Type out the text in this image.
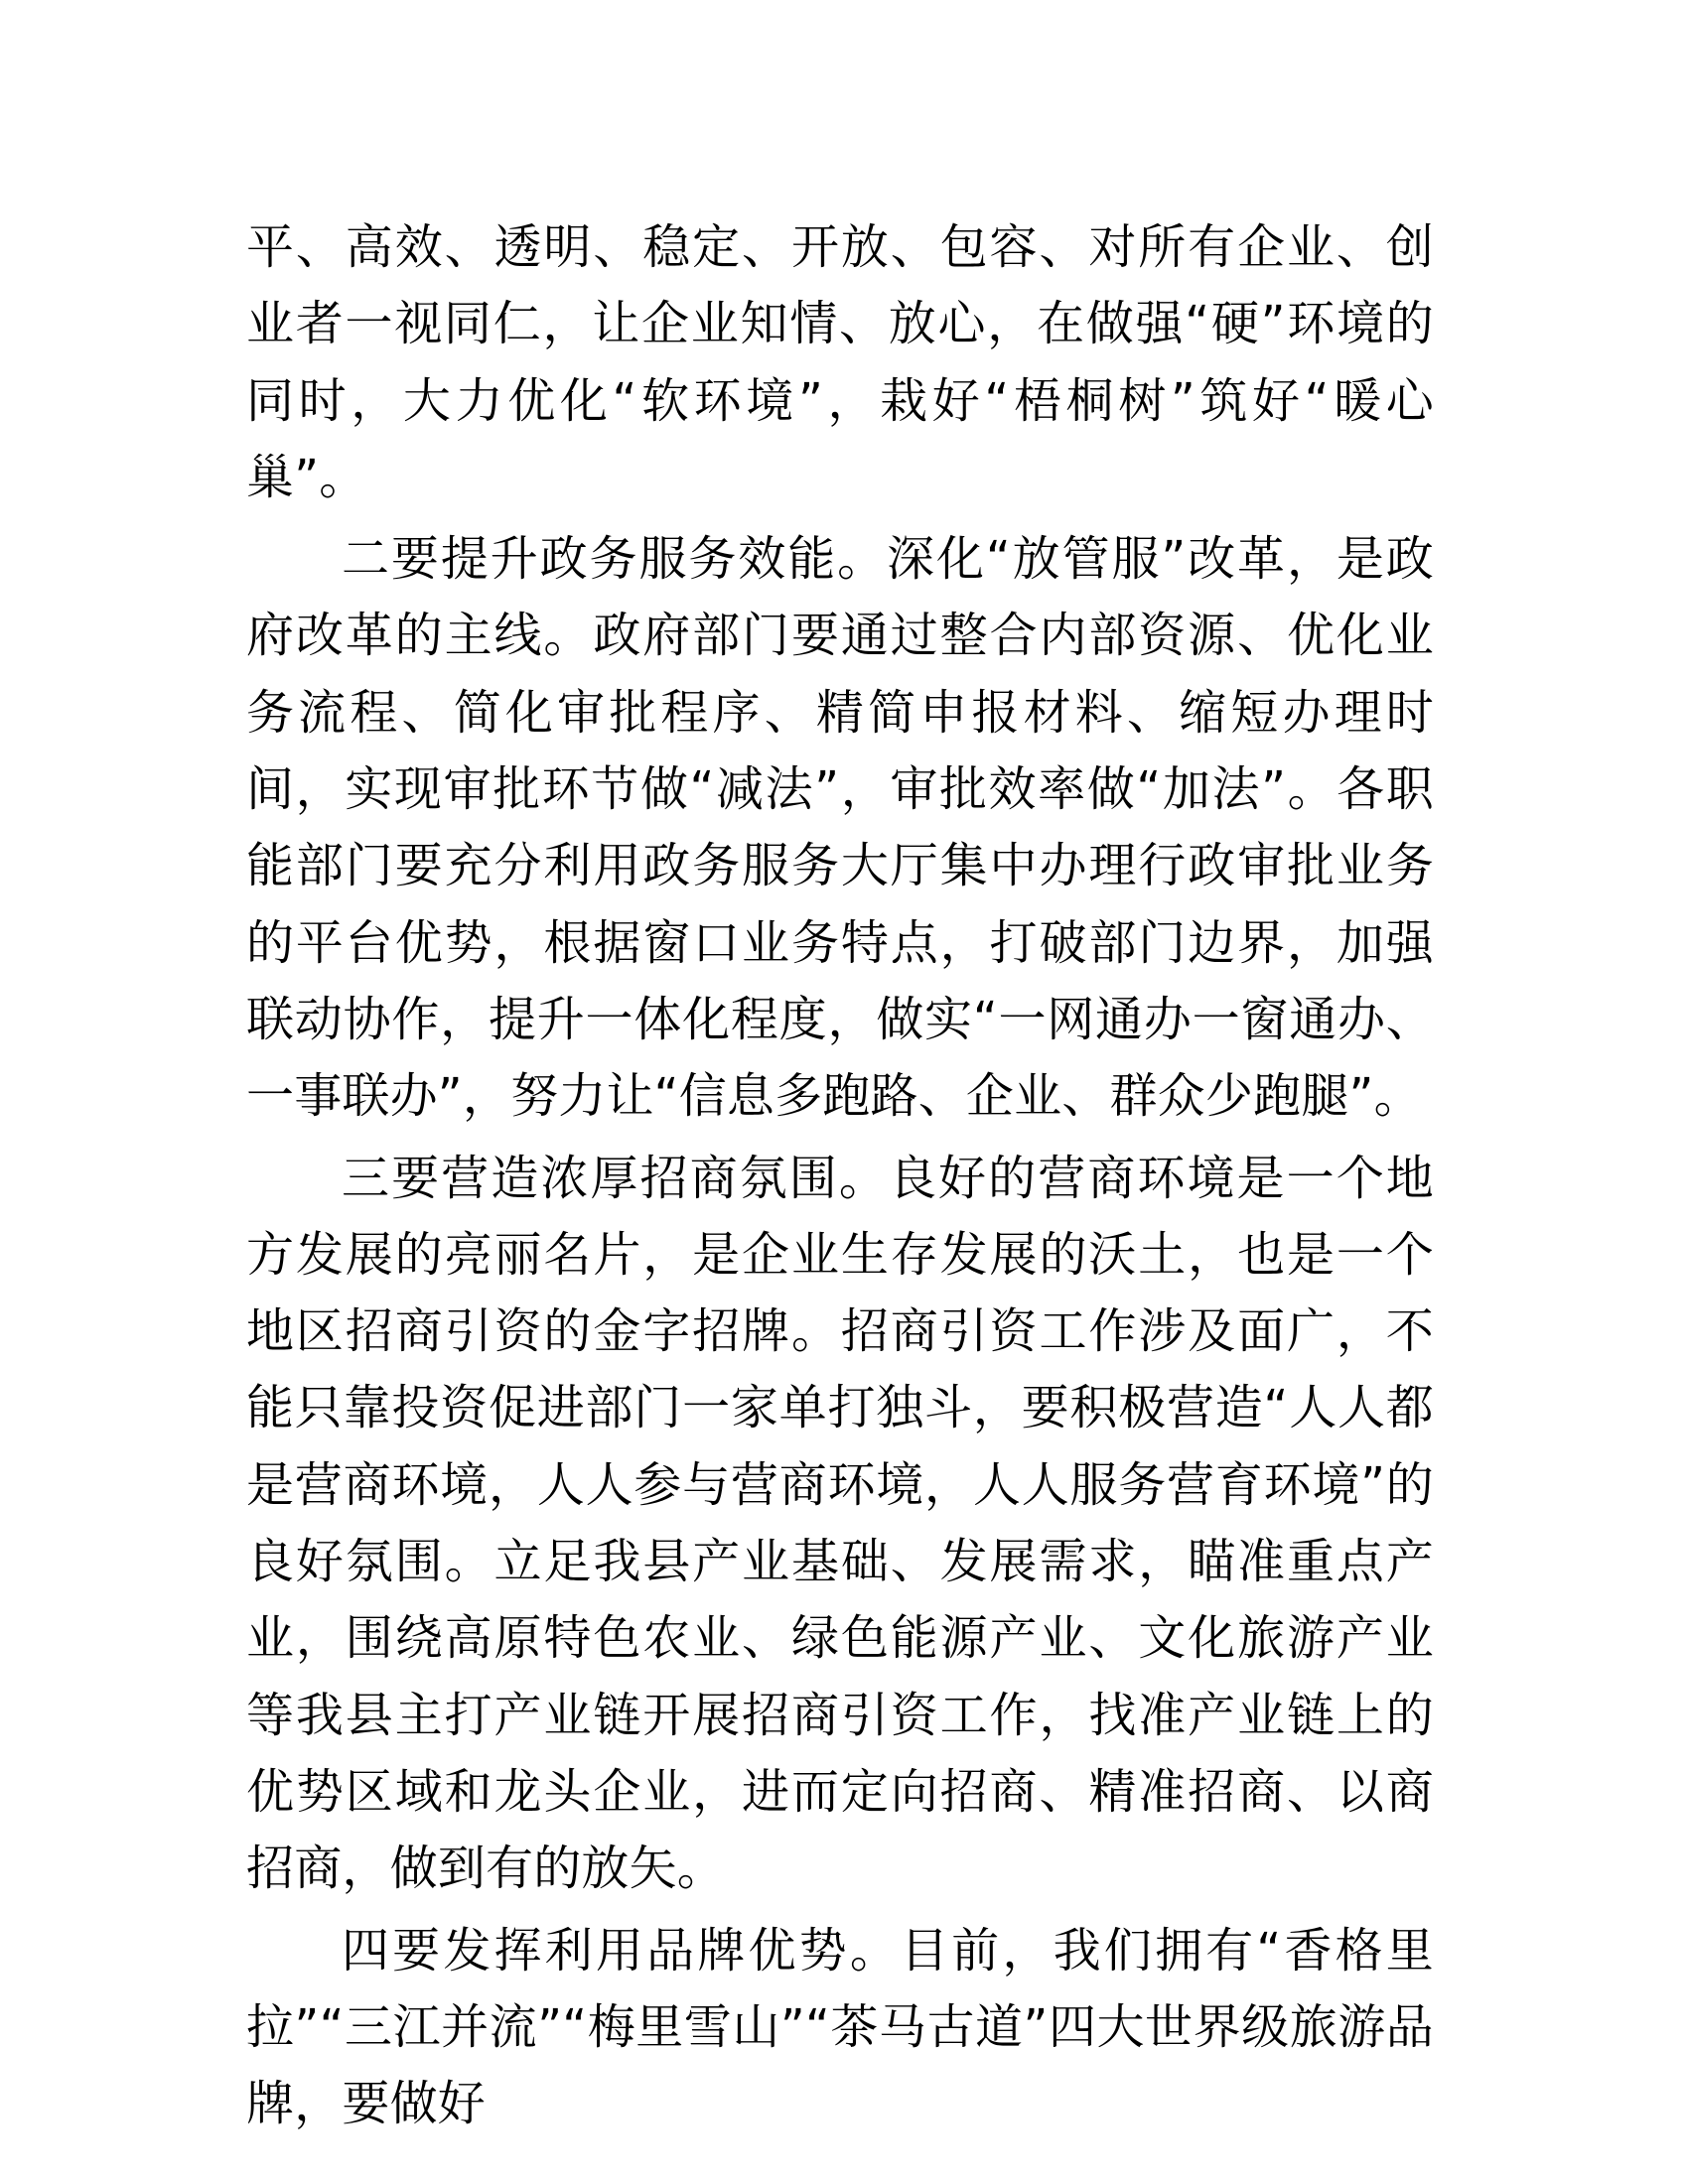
平、高效、透明、稳定、开放、包容、对所有企业、创业者一视同仁，让企业知情、放心，在做强“硬”环境的同时，大力优化“软环境”，栽好“梧桐树”筑好“暖心巢”。

二要提升政务服务效能。深化“放管服”改革，是政府改革的主线。政府部门要通过整合内部资源、优化业务流程、简化审批程序、精简申报材料、缩短办理时间，实现审批环节做“减法”，审批效率做“加法”。各职能部门要充分利用政务服务大厅集中办理行政审批业务的平台优势，根据窗口业务特点，打破部门边界，加强联动协作，提升一体化程度，做实“一网通办一窗通办、一事联办”，努力让“信息多跑路、企业、群众少跑腿”。

三要营造浓厚招商氛围。良好的营商环境是一个地方发展的亮丽名片，是企业生存发展的沃土，也是一个地区招商引资的金字招牌。招商引资工作涉及面广，不能只靠投资促进部门一家单打独斗，要积极营造“人人都是营商环境，人人参与营商环境，人人服务营育环境”的良好氛围。立足我县产业基础、发展需求，瞄准重点产业，围绕高原特色农业、绿色能源产业、文化旅游产业等我县主打产业链开展招商引资工作，找准产业链上的优势区域和龙头企业，进而定向招商、精准招商、以商招商，做到有的放矢。

四要发挥利用品牌优势。目前，我们拥有“香格里拉”“三江并流”“梅里雪山”“茶马古道”四大世界级旅游品牌，要做好
